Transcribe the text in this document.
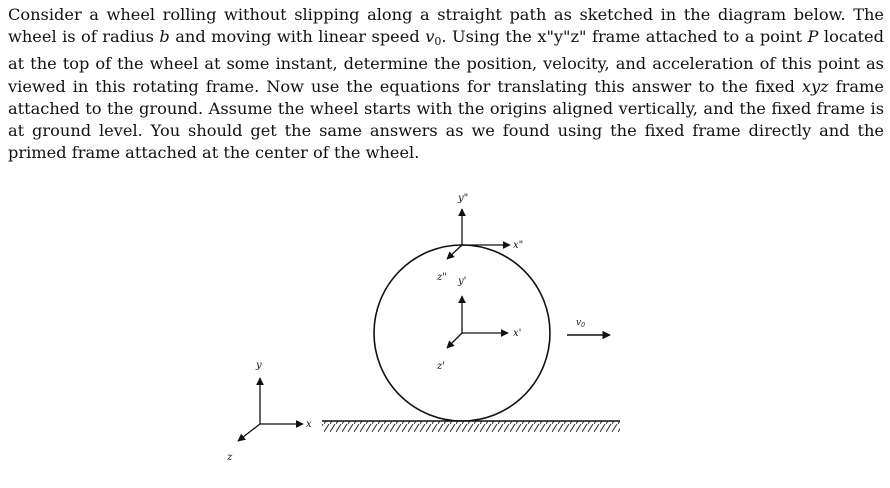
Consider a wheel rolling without slipping along a straight path as sketched in the diagram below. The wheel is of radius b and moving with linear speed $v_0$. Using the x"y"z" frame attached to a point P located at the top of the wheel at some instant, determine the position, velocity, and acceleration of this point as viewed in this rotating frame. Now use the equations for translating this answer to the fixed xyz frame attached to the ground. Assume the wheel starts with the origins aligned vertically, and the fixed frame is at ground level. You should get the same answers as we found using the fixed frame directly and the primed frame attached at the center of the wheel.

y"
x"
z" y'
x'
z'
$v_0$
y
x
z
